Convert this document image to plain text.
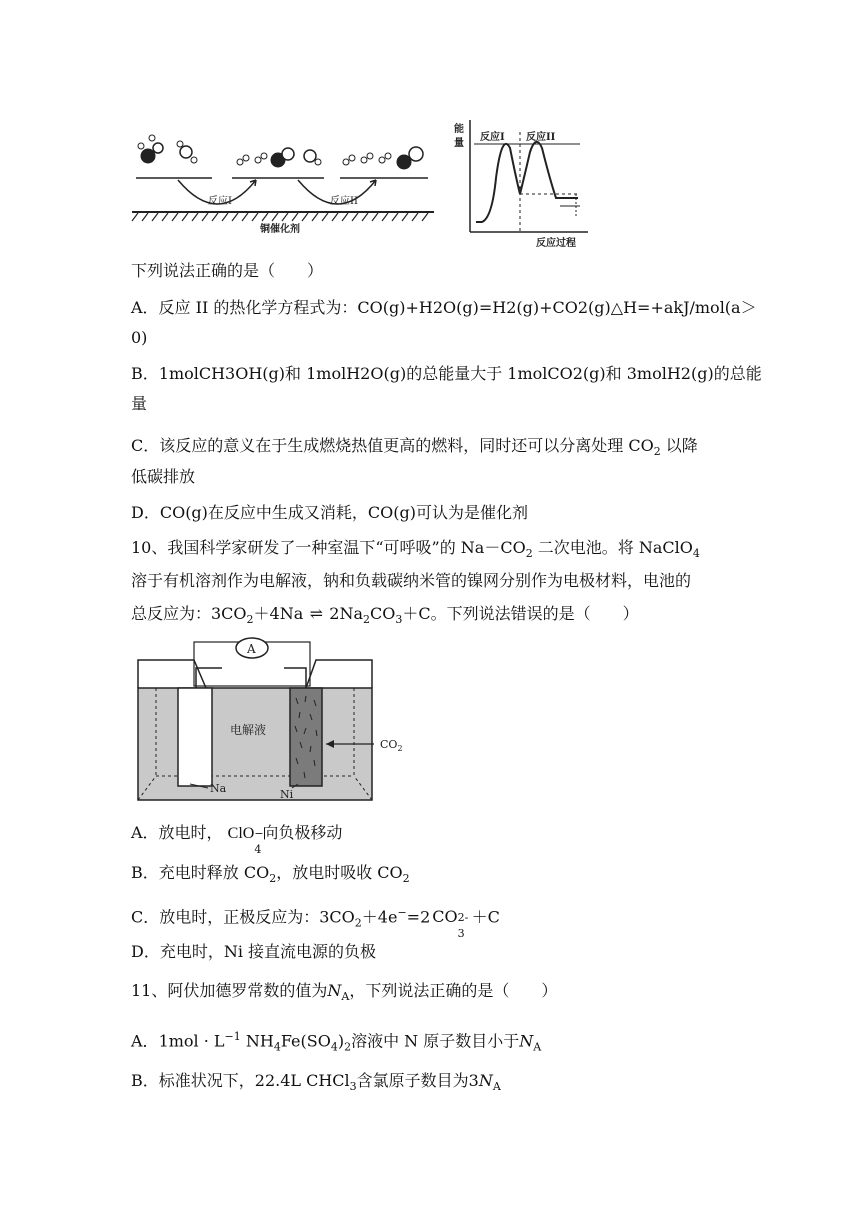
反应I	反应II
铜催化剂
能
量
反应I 反应II
反应过程
下列说法正确的是（　　）
A．反应 II 的热化学方程式为：CO(g)+H2O(g)=H2(g)+CO2(g)△H=+akJ/mol(a＞
0)
B．1molCH3OH(g)和 1molH2O(g)的总能量大于 1molCO2(g)和 3molH2(g)的总能
量
C．该反应的意义在于生成燃烧热值更高的燃料，同时还可以分离处理 $CO_2$ 以降
低碳排放
D．CO(g)在反应中生成又消耗，CO(g)可认为是催化剂
10、我国科学家研发了一种室温下“可呼吸”的 $Na-CO_2$ 二次电池。将 NaClO$_4$
溶于有机溶剂作为电解液，钠和负载碳纳米管的镍网分别作为电极材料，电池的
总反应为：$3CO_2+4Na$ ⇌ $2Na_2CO_3+C$。下列说法错误的是（　　）
A
电解液
$CO_2$
Na	Ni
A．放电时， ClO −
4
向负极移动
B．充电时释放 $CO_2$，放电时吸收 $CO_2$
C．放电时，正极反应为：$3CO_2+4e^-=2$ CO 2-
3
＋C
D．充电时，Ni 接直流电源的负极
11、阿伏加德罗常数的值为$N_A$，下列说法正确的是（　　）
A．$1mol \cdot L^{-1}$ $NH_4Fe(SO_4)_2$溶液中 N 原子数目小于$N_A$
B．标准状况下，22.4L CHCl$_3$含氯原子数目为$3N_A$
